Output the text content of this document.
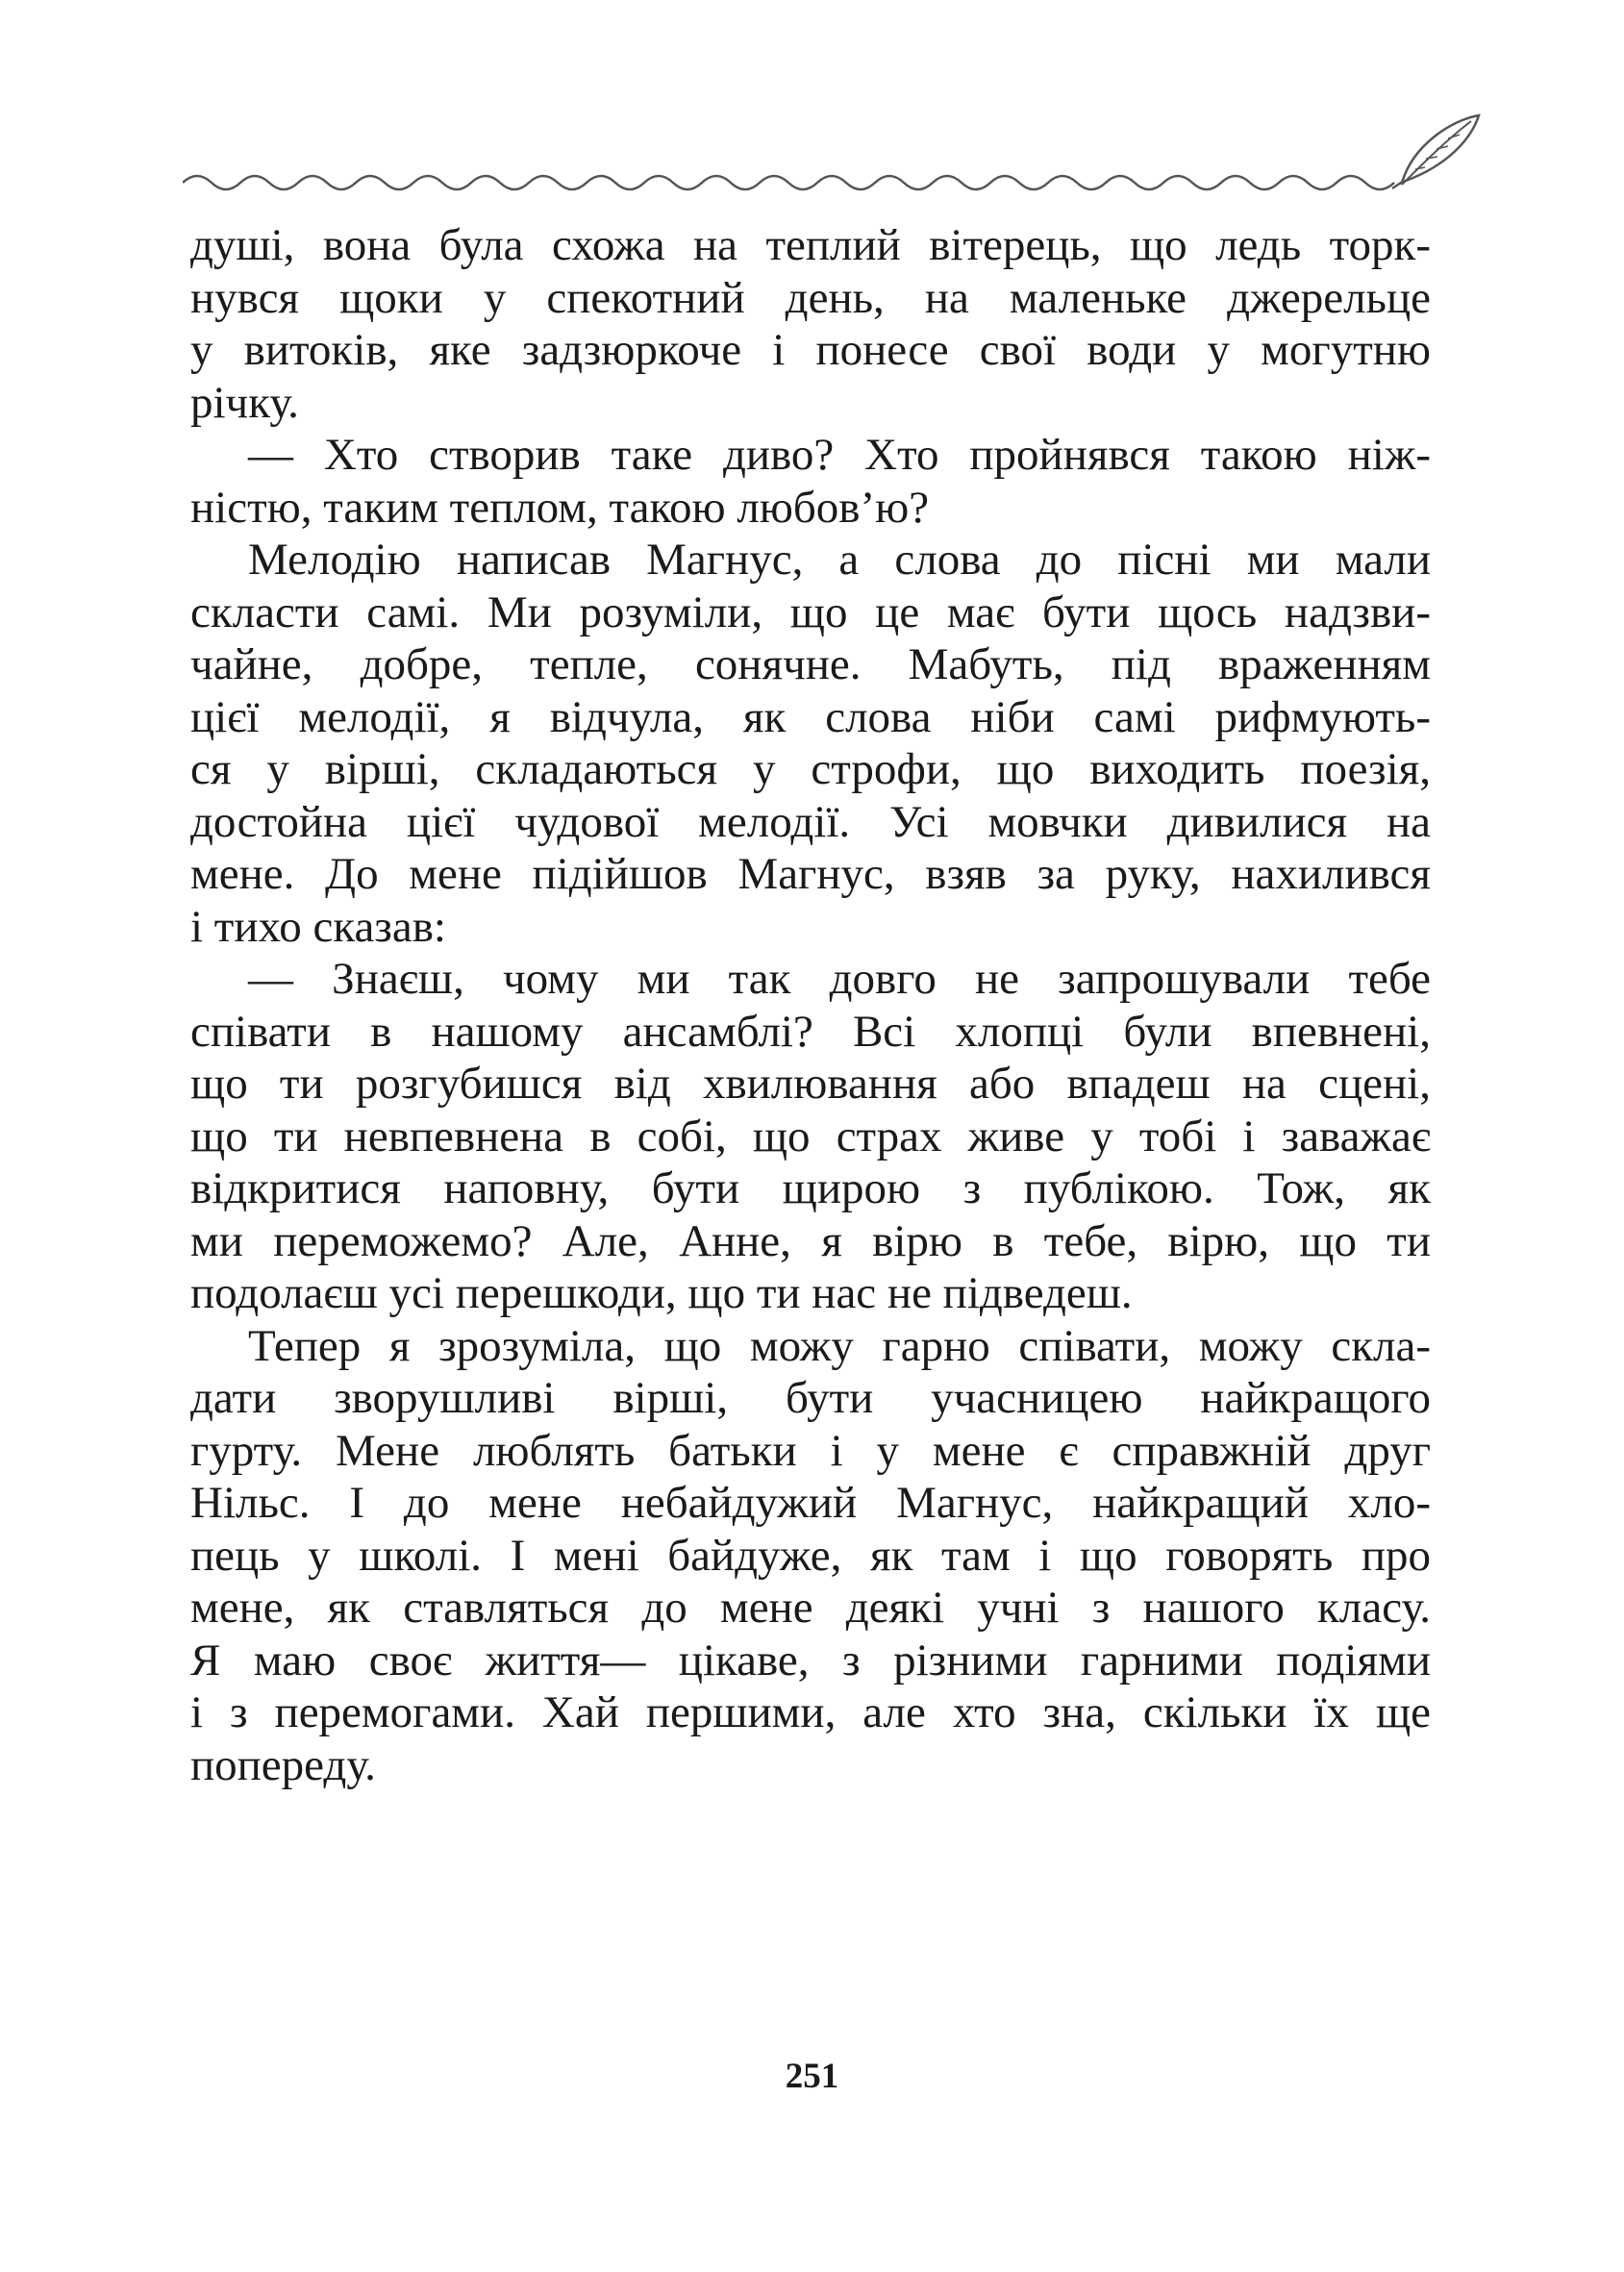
душі, вона була схожа на теплий вітерець, що ледь торк-
нувся щоки у спекотний день, на маленьке джерельце
у витоків, яке задзюркоче і понесе свої води у могутню
річку.
— Хто створив таке диво? Хто пройнявся такою ніж-
ністю, таким теплом, такою любов’ю?
Мелодію написав Магнус, а слова до пісні ми мали
скласти самі. Ми розуміли, що це має бути щось надзви-
чайне, добре, тепле, сонячне. Мабуть, під враженням
цієї мелодії, я відчула, як слова ніби самі рифмують-
ся у вірші, складаються у строфи, що виходить поезія,
достойна цієї чудової мелодії. Усі мовчки дивилися на
мене. До мене підійшов Магнус, взяв за руку, нахилився
і тихо сказав:
— Знаєш, чому ми так довго не запрошували тебе
співати в нашому ансамблі? Всі хлопці були впевнені,
що ти розгубишся від хвилювання або впадеш на сцені,
що ти невпевнена в собі, що страх живе у тобі і заважає
відкритися наповну, бути щирою з публікою. Тож, як
ми переможемо? Але, Анне, я вірю в тебе, вірю, що ти
подолаєш усі перешкоди, що ти нас не підведеш.
Тепер я зрозуміла, що можу гарно співати, можу скла-
дати зворушливі вірші, бути учасницею найкращого
гурту. Мене люблять батьки і у мене є справжній друг
Нільс. І до мене небайдужий Магнус, найкращий хло-
пець у школі. І мені байдуже, як там і що говорять про
мене, як ставляться до мене деякі учні з нашого класу.
Я маю своє життя— цікаве, з різними гарними подіями
і з перемогами. Хай першими, але хто зна, скільки їх ще
попереду.
251
